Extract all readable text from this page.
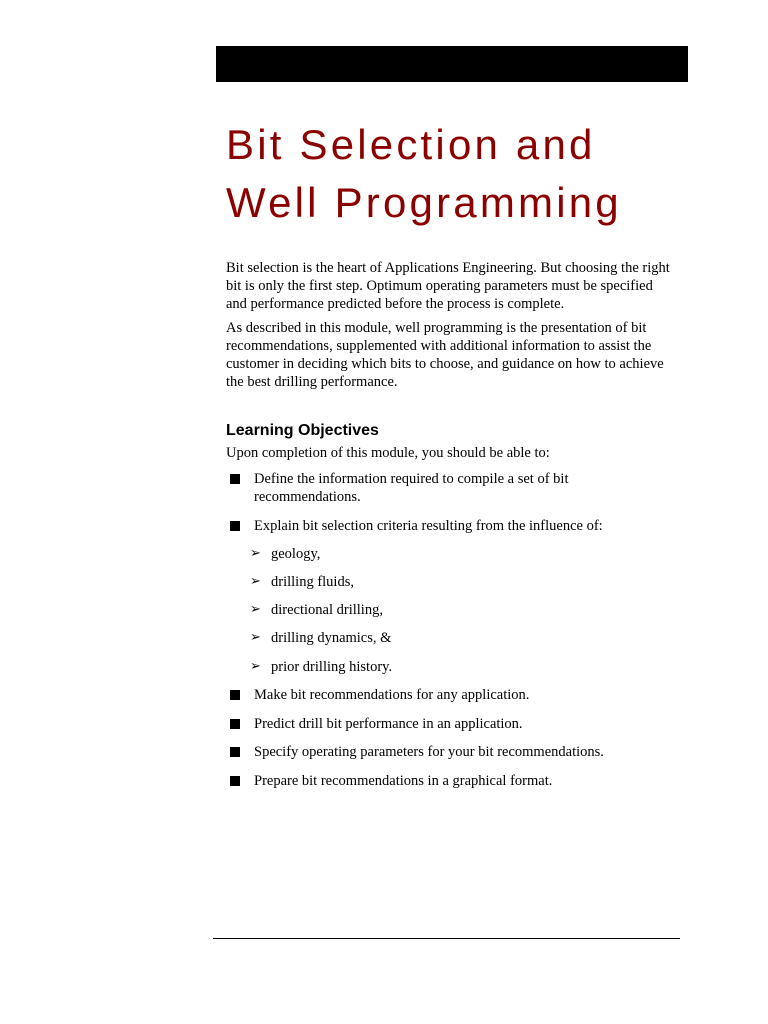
Bit Selection and
Well Programming

Bit selection is the heart of Applications Engineering. But choosing the right bit is only the first step. Optimum operating parameters must be specified and performance predicted before the process is complete.

As described in this module, well programming is the presentation of bit recommendations, supplemented with additional information to assist the customer in deciding which bits to choose, and guidance on how to achieve the best drilling performance.

Learning Objectives

Upon completion of this module, you should be able to:

Define the information required to compile a set of bit recommendations.
Explain bit selection criteria resulting from the influence of:
➢ geology,
➢ drilling fluids,
➢ directional drilling,
➢ drilling dynamics, &
➢ prior drilling history.
Make bit recommendations for any application.
Predict drill bit performance in an application.
Specify operating parameters for your bit recommendations.
Prepare bit recommendations in a graphical format.
